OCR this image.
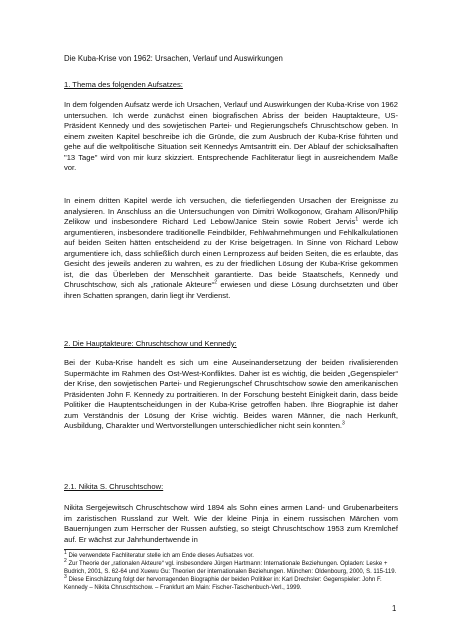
Die Kuba-Krise von 1962: Ursachen, Verlauf und Auswirkungen

1. Thema des folgenden Aufsatzes:

In dem folgenden Aufsatz werde ich Ursachen, Verlauf und Auswirkungen der Kuba-Krise von 1962 untersuchen. Ich werde zunächst einen biografischen Abriss der beiden Hauptakteure, US-Präsident Kennedy und des sowjetischen Partei- und Regierungschefs Chruschtschow geben. In einem zweiten Kapitel beschreibe ich die Gründe, die zum Ausbruch der Kuba-Krise führten und gehe auf die weltpolitische Situation seit Kennedys Amtsantritt ein. Der Ablauf der schicksalhaften "13 Tage" wird von mir kurz skizziert. Entsprechende Fachliteratur liegt in ausreichendem Maße vor.

In einem dritten Kapitel werde ich versuchen, die tieferliegenden Ursachen der Ereignisse zu analysieren. In Anschluss an die Untersuchungen von Dimitri Wolkogonow, Graham Allison/Philip Zelikow und insbesondere Richard Led Lebow/Janice Stein sowie Robert Jervis$^1$ werde ich argumentieren, insbesondere traditionelle Feindbilder, Fehlwahrnehmungen und Fehlkalkulationen auf beiden Seiten hätten entscheidend zu der Krise beigetragen. In Sinne von Richard Lebow argumentiere ich, dass schließlich durch einen Lernprozess auf beiden Seiten, die es erlaubte, das Gesicht des jeweils anderen zu wahren, es zu der friedlichen Lösung der Kuba-Krise gekommen ist, die das Überleben der Menschheit garantierte. Das beide Staatschefs, Kennedy und Chruschtschow, sich als „rationale Akteure“$^2$ erwiesen und diese Lösung durchsetzten und über ihren Schatten sprangen, darin liegt ihr Verdienst.

2. Die Hauptakteure: Chruschtschow und Kennedy:

Bei der Kuba-Krise handelt es sich um eine Auseinandersetzung der beiden rivalisierenden Supermächte im Rahmen des Ost-West-Konfliktes. Daher ist es wichtig, die beiden „Gegenspieler“ der Krise, den sowjetischen Partei- und Regierungschef Chruschtschow sowie den amerikanischen Präsidenten John F. Kennedy zu portraitieren. In der Forschung besteht Einigkeit darin, dass beide Politiker die Hauptentscheidungen in der Kuba-Krise getroffen haben. Ihre Biographie ist daher zum Verständnis der Lösung der Krise wichtig. Beides waren Männer, die nach Herkunft, Ausbildung, Charakter und Wertvorstellungen unterschiedlicher nicht sein konnten.$^3$

2.1. Nikita S. Chruschtschow:

Nikita Sergejewitsch Chruschtschow wird 1894 als Sohn eines armen Land- und Grubenarbeiters im zaristischen Russland zur Welt. Wie der kleine Pinja in einem russischen Märchen vom Bauernjungen zum Herrscher der Russen aufstieg, so steigt Chruschtschow 1953 zum Kremlchef auf. Er wächst zur Jahrhundertwende in

$^1$ Die verwendete Fachliteratur stelle ich am Ende dieses Aufsatzes vor.

$^2$ Zur Theorie der „rationalen Akteure“ vgl. insbesondere Jürgen Hartmann: Internationale Beziehungen. Opladen: Leske + Budrich, 2001, S. 62-64 und Xuewu Gu: Theorien der internationalen Beziehungen. München: Oldenbourg, 2000, S. 115-119.

$^3$ Diese Einschätzung folgt der hervorragenden Biographie der beiden Politiker in: Karl Drechsler: Gegenspieler: John F. Kennedy – Nikita Chruschtschow. – Frankfurt am Main: Fischer-Taschenbuch-Verl., 1999.

1
